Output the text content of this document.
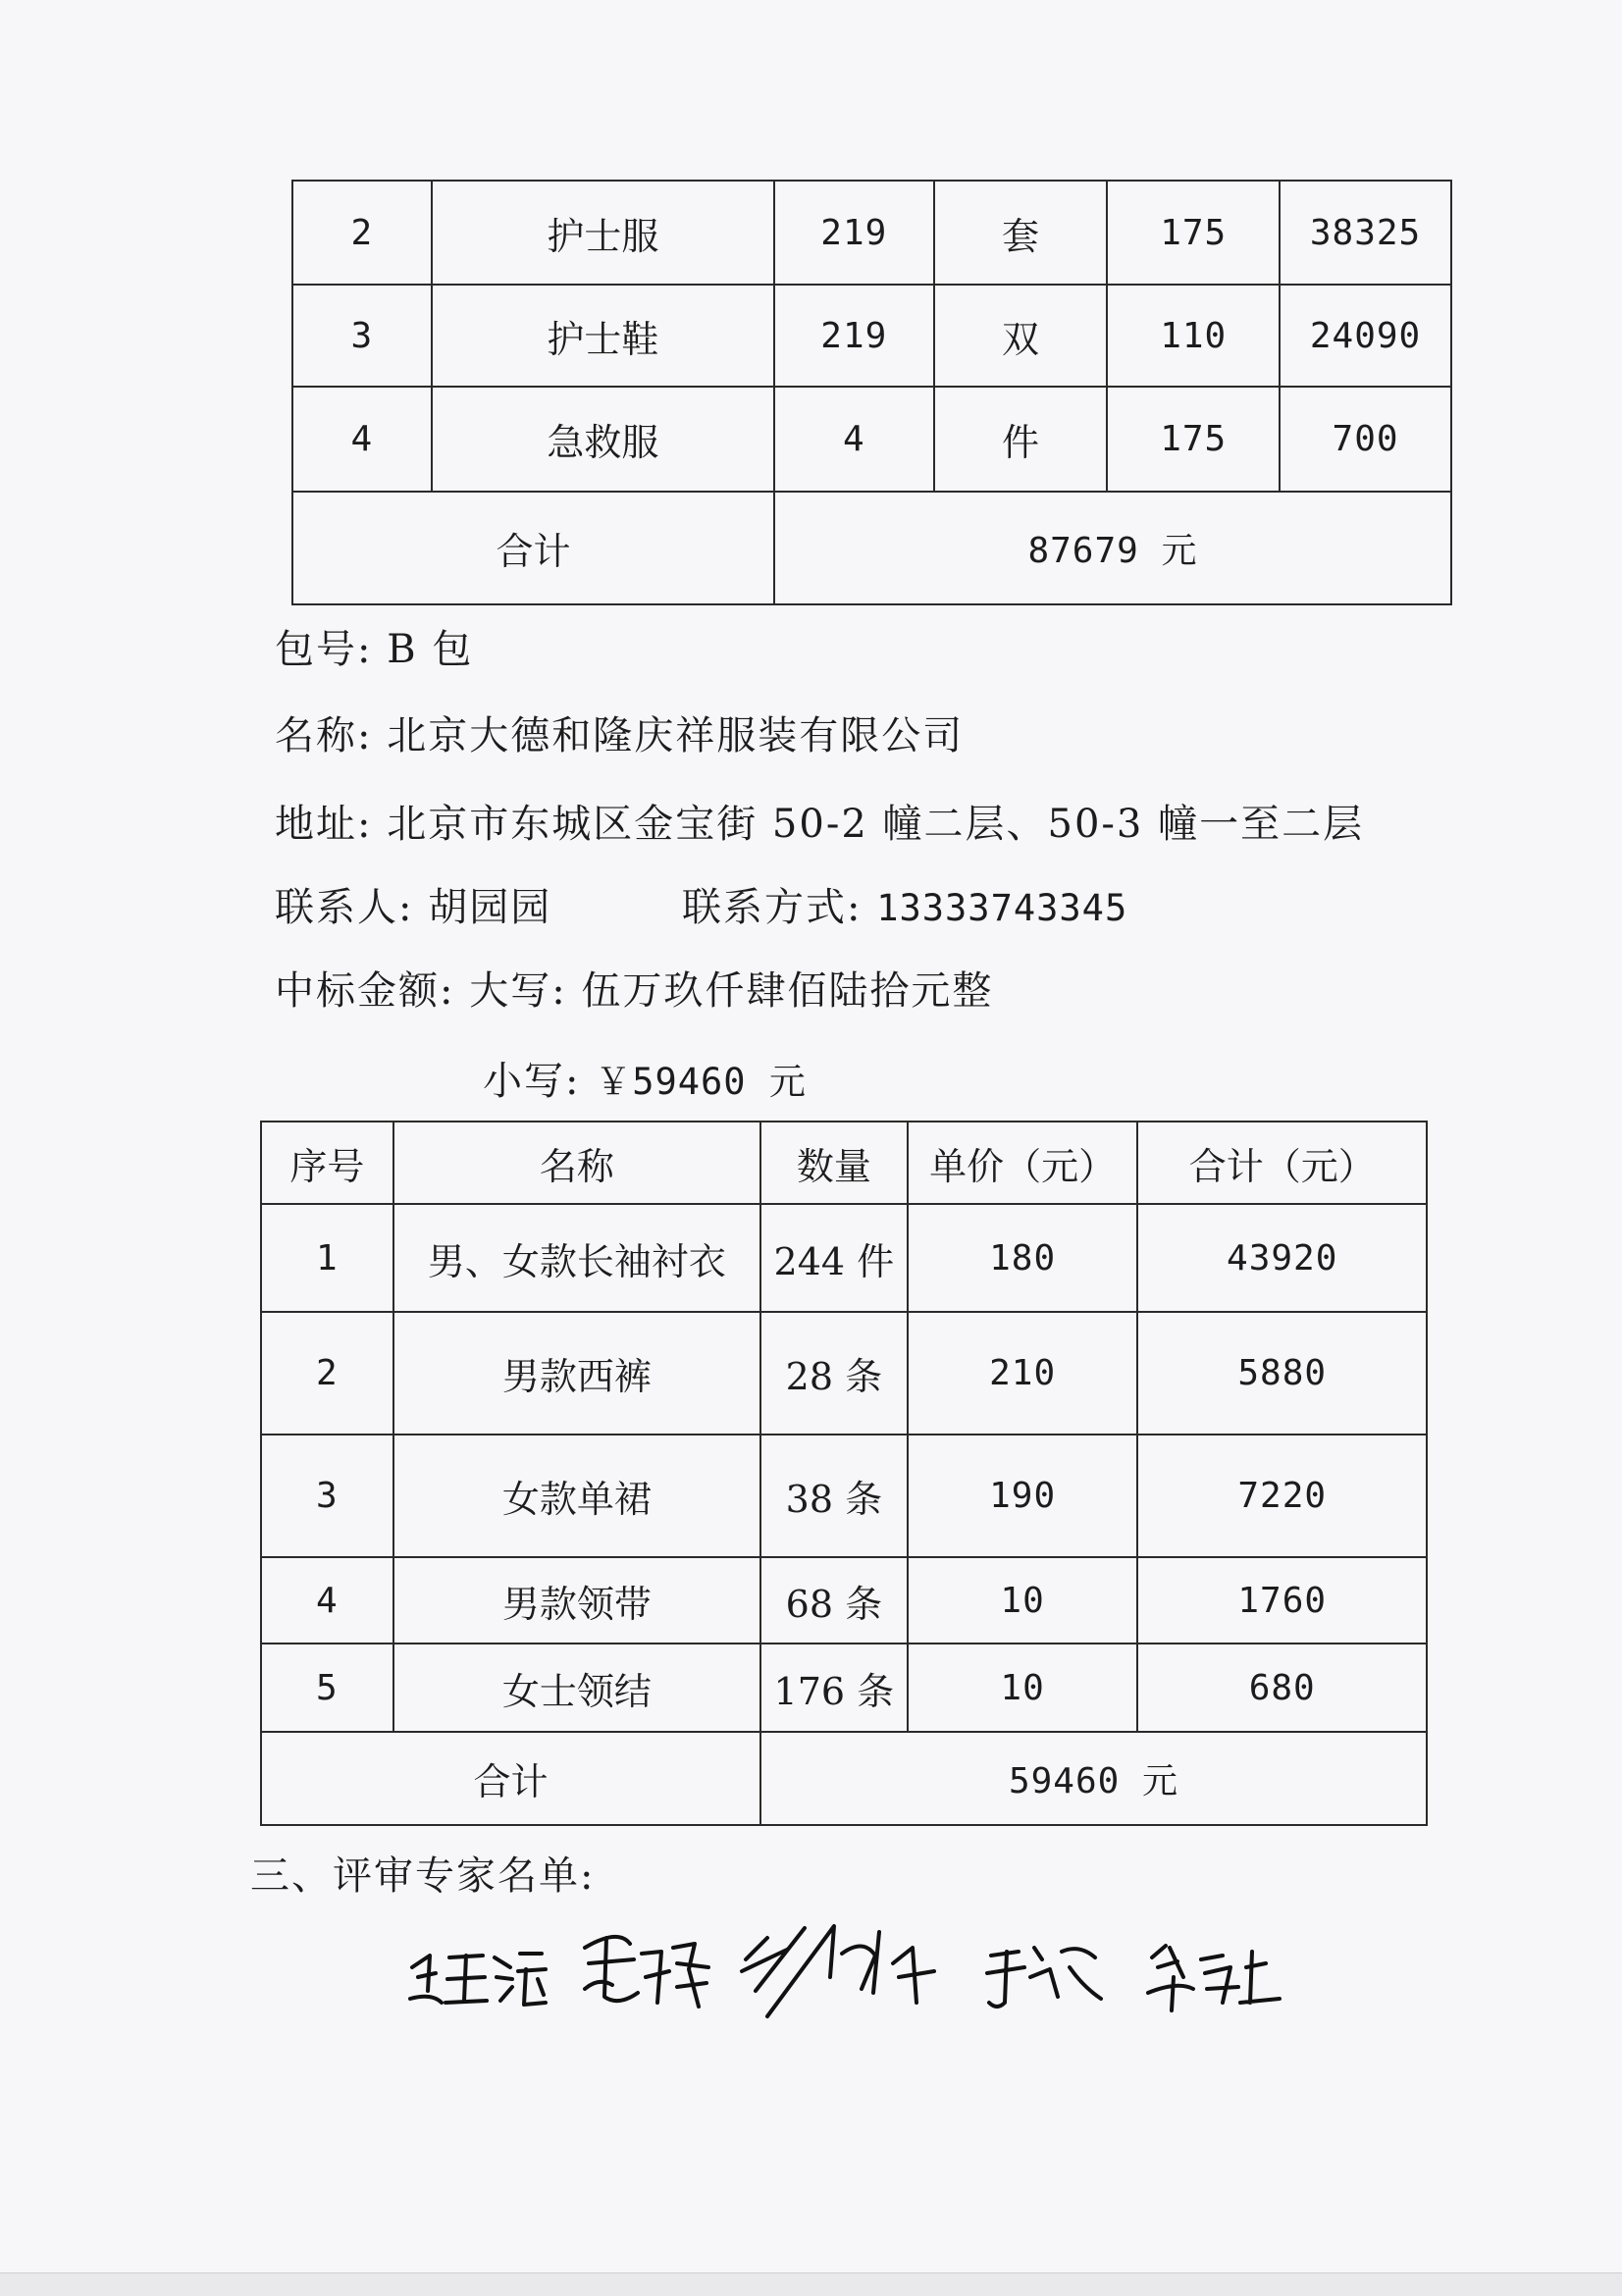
2	护士服	219	套	175	38325
3	护士鞋	219	双	110	24090
4	急救服	4	件	175	700
合计		87679 元			
包号: B 包
名称: 北京大德和隆庆祥服装有限公司
地址: 北京市东城区金宝街 50-2 幢二层、50-3 幢一至二层
联系人: 胡园园	联系方式: 13333743345
中标金额: 大写: 伍万玖仟肆佰陆拾元整
小写: ￥59460 元
序号	名称	数量	单价（元）	合计（元）
1	男、女款长袖衬衣	244 件	180	43920
2	男款西裤	28 条	210	5880
3	女款单裙	38 条	190	7220
4	男款领带	68 条	10	1760
5	女士领结	176 条	10	680
合计		59460 元		
三、评审专家名单:
